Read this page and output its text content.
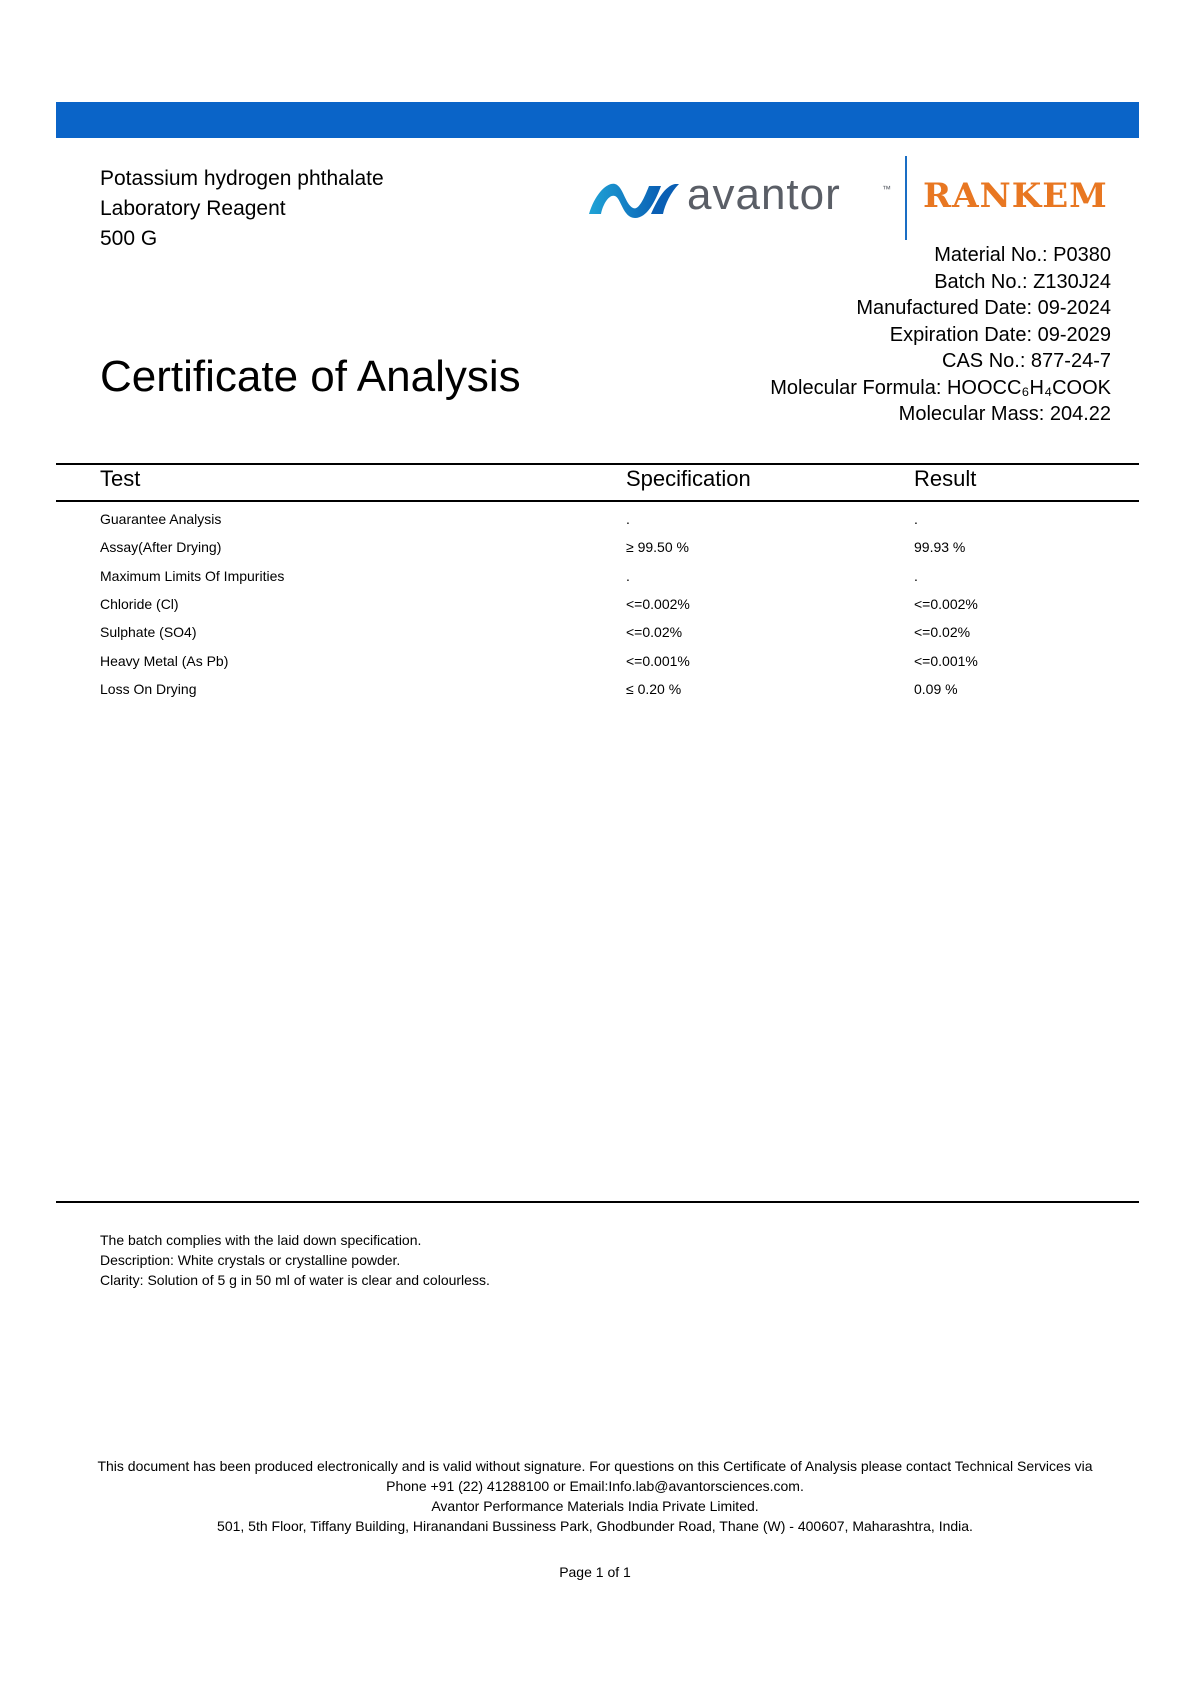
Potassium hydrogen phthalate
Laboratory Reagent
500 G
avantor	™ RANKEM
Material No.: P0380
Batch No.: Z130J24
Manufactured Date: 09-2024
Expiration Date: 09-2029
CAS No.: 877-24-7
Molecular Formula: HOOCC₆H₄COOK
Molecular Mass: 204.22
Certificate of Analysis
Test	Specification	Result
Guarantee Analysis	.	.
Assay(After Drying)	≥ 99.50 %	99.93 %
Maximum Limits Of Impurities	.	.
Chloride (Cl)	<=0.002%	<=0.002%
Sulphate (SO4)	<=0.02%	<=0.02%
Heavy Metal (As Pb)	<=0.001%	<=0.001%
Loss On Drying	≤ 0.20 %	0.09 %
The batch complies with the laid down specification.
Description: White crystals or crystalline powder.
Clarity: Solution of 5 g in 50 ml of water is clear and colourless.
This document has been produced electronically and is valid without signature. For questions on this Certificate of Analysis please contact Technical Services via
Phone +91 (22) 41288100 or Email:Info.lab@avantorsciences.com.
Avantor Performance Materials India Private Limited.
501, 5th Floor, Tiffany Building, Hiranandani Bussiness Park, Ghodbunder Road, Thane (W) - 400607, Maharashtra, India.
Page 1 of 1
